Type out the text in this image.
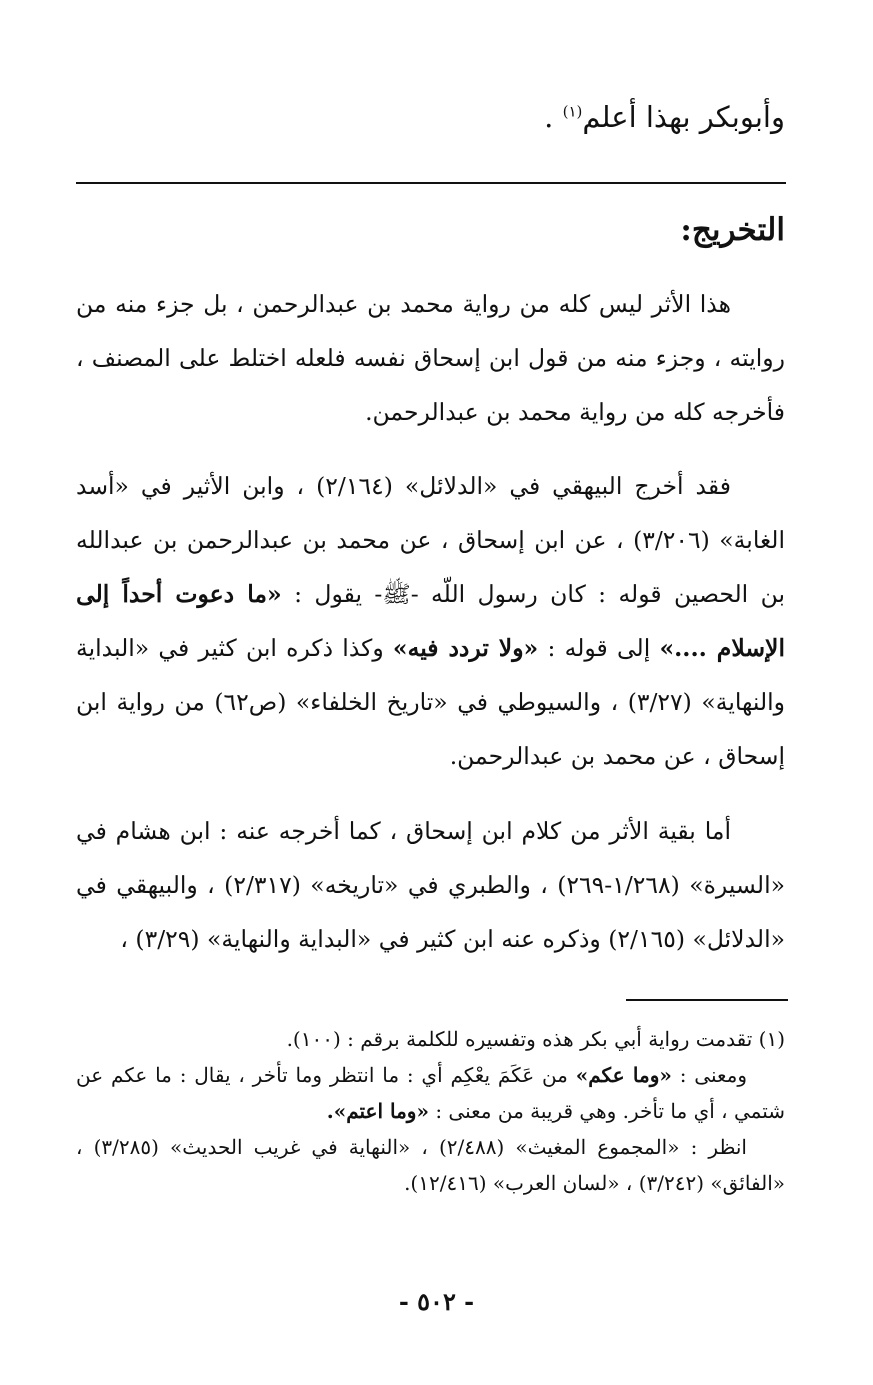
وأبوبكر بهذا أعلم$^{(١)}$ .
التخريج:
هذا الأثر ليس كله من رواية محمد بن عبدالرحمن ، بل جزء منه من روايته ، وجزء منه من قول ابن إسحاق نفسه فلعله اختلط على المصنف ، فأخرجه كله من رواية محمد بن عبدالرحمن.
فقد أخرج البيهقي في «الدلائل» (٢/١٦٤) ، وابن الأثير في «أسد الغابة» (٣/٢٠٦) ، عن ابن إسحاق ، عن محمد بن عبدالرحمن بن عبدالله بن الحصين قوله : كان رسول اللّه -ﷺ- يقول : «ما دعوت أحداً إلى الإسلام ....» إلى قوله : «ولا تردد فيه» وكذا ذكره ابن كثير في «البداية والنهاية» (٣/٢٧) ، والسيوطي في «تاريخ الخلفاء» (ص٦٢) من رواية ابن إسحاق ، عن محمد بن عبدالرحمن.
أما بقية الأثر من كلام ابن إسحاق ، كما أخرجه عنه : ابن هشام في «السيرة» (١/٢٦٨-٢٦٩) ، والطبري في «تاريخه» (٢/٣١٧) ، والبيهقي في «الدلائل» (٢/١٦٥) وذكره عنه ابن كثير في «البداية والنهاية» (٣/٢٩) ،
(١) تقدمت رواية أبي بكر هذه وتفسيره للكلمة برقم : (١٠٠).
ومعنى : «وما عكم» من عَكَمَ يعْكِم أي : ما انتظر وما تأخر ، يقال : ما عكم عن شتمي ، أي ما تأخر. وهي قريبة من معنى : «وما اعتم».
انظر : «المجموع المغيث» (٢/٤٨٨) ، «النهاية في غريب الحديث» (٣/٢٨٥) ، «الفائق» (٣/٢٤٢) ، «لسان العرب» (١٢/٤١٦).
- ٥٠٢ -
